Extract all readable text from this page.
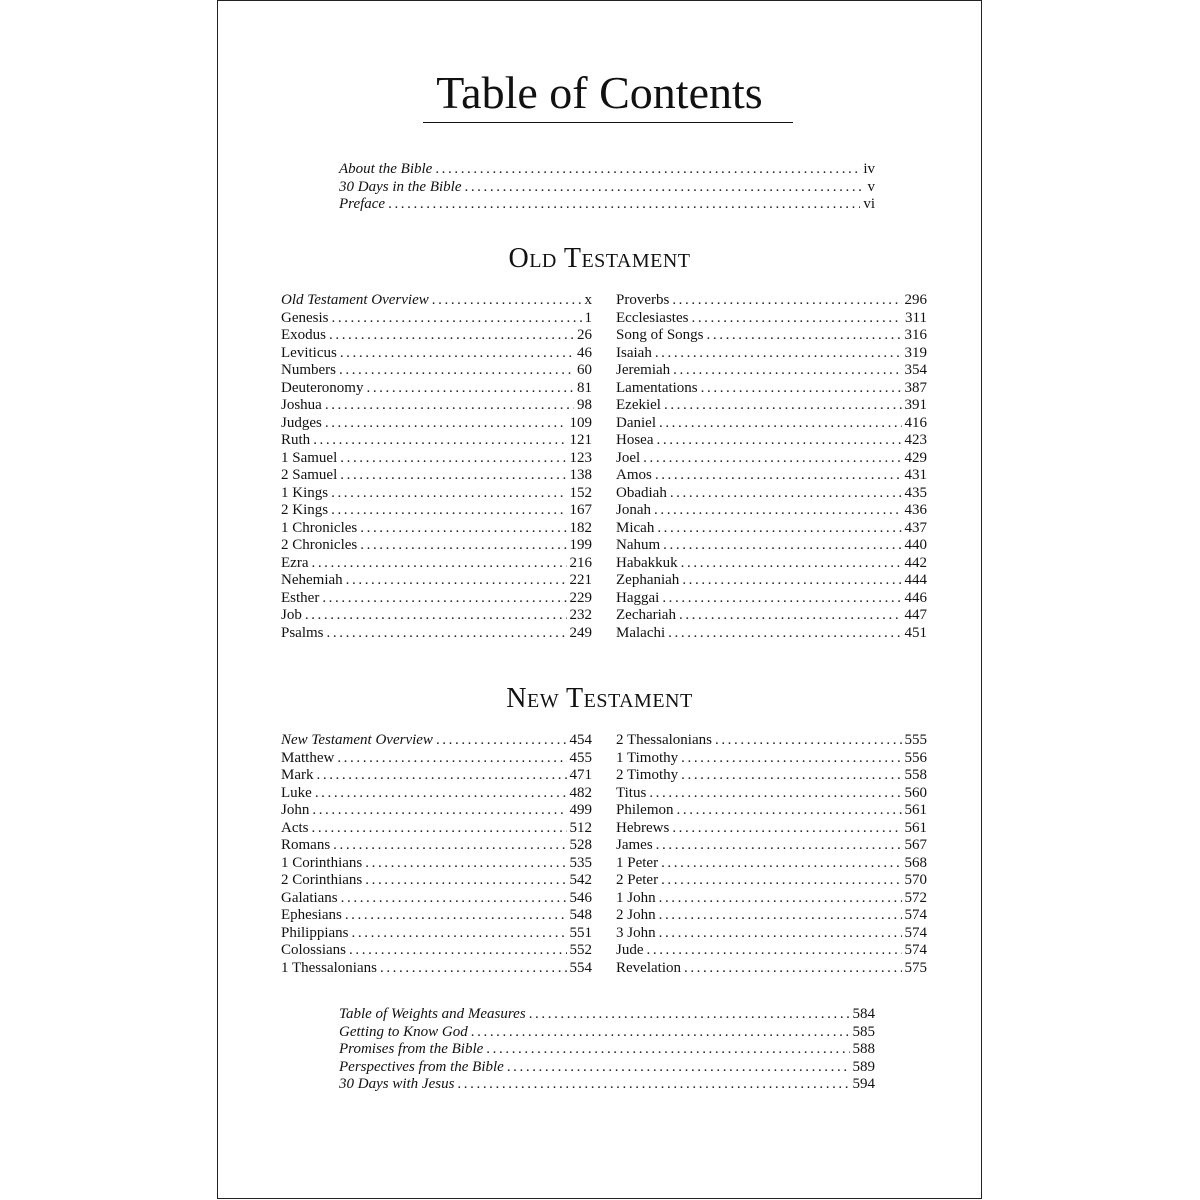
Table of Contents
About the Bible .....	iv
30 Days in the Bible .....	v
Preface .....	vi
Old Testament
Old Testament Overview .....	x
Genesis .....	1
Exodus .....	26
Leviticus .....	46
Numbers .....	60
Deuteronomy .....	81
Joshua .....	98
Judges .....	109
Ruth .....	121
1 Samuel .....	123
2 Samuel .....	138
1 Kings .....	152
2 Kings .....	167
1 Chronicles .....	182
2 Chronicles .....	199
Ezra .....	216
Nehemiah .....	221
Esther .....	229
Job .....	232
Psalms .....	249
Proverbs .....	296
Ecclesiastes .....	311
Song of Songs .....	316
Isaiah .....	319
Jeremiah .....	354
Lamentations .....	387
Ezekiel .....	391
Daniel .....	416
Hosea .....	423
Joel .....	429
Amos .....	431
Obadiah .....	435
Jonah .....	436
Micah .....	437
Nahum .....	440
Habakkuk .....	442
Zephaniah .....	444
Haggai .....	446
Zechariah .....	447
Malachi .....	451
New Testament
New Testament Overview .....	454
Matthew .....	455
Mark .....	471
Luke .....	482
John .....	499
Acts .....	512
Romans .....	528
1 Corinthians .....	535
2 Corinthians .....	542
Galatians .....	546
Ephesians .....	548
Philippians .....	551
Colossians .....	552
1 Thessalonians .....	554
2 Thessalonians .....	555
1 Timothy .....	556
2 Timothy .....	558
Titus .....	560
Philemon .....	561
Hebrews .....	561
James .....	567
1 Peter .....	568
2 Peter .....	570
1 John .....	572
2 John .....	574
3 John .....	574
Jude .....	574
Revelation .....	575
Table of Weights and Measures .....	584
Getting to Know God .....	585
Promises from the Bible .....	588
Perspectives from the Bible .....	589
30 Days with Jesus .....	594
